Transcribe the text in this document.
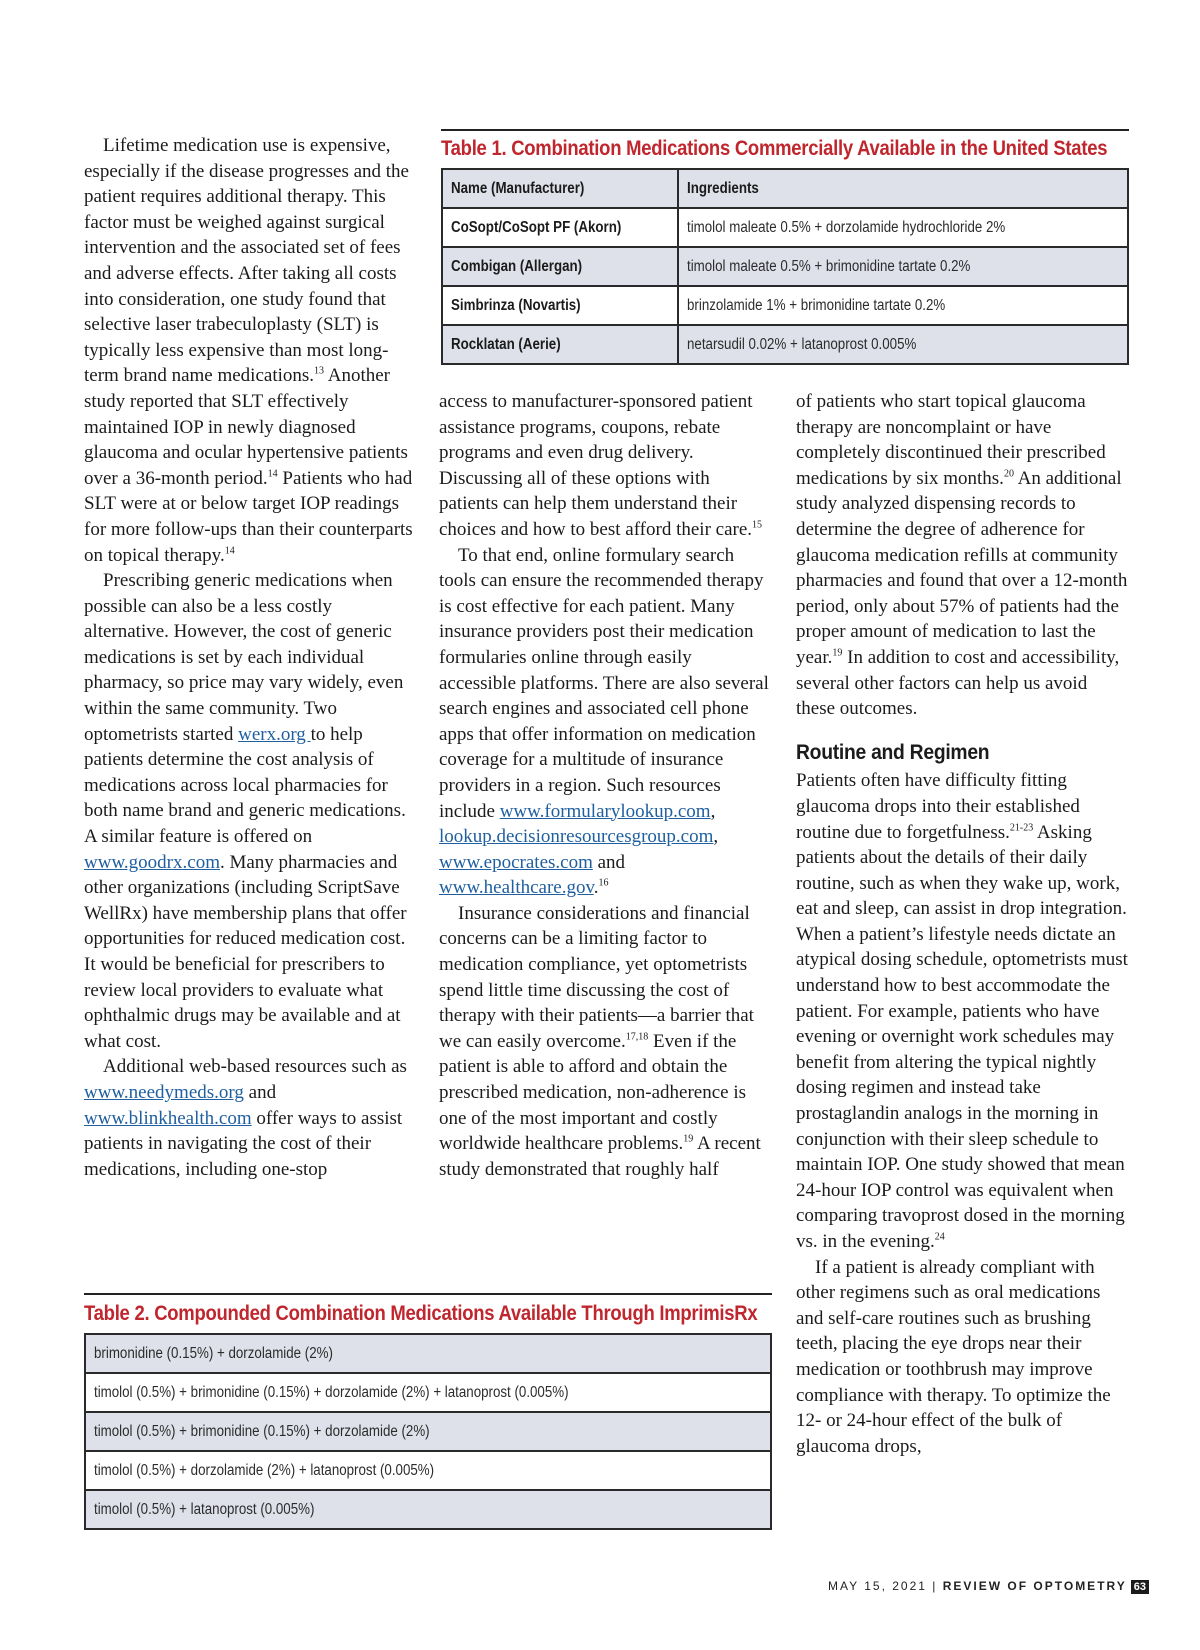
Lifetime medication use is expensive, especially if the disease progresses and the patient requires additional therapy. This factor must be weighed against surgical intervention and the associated set of fees and adverse effects. After taking all costs into consideration, one study found that selective laser trabeculoplasty (SLT) is typically less expensive than most long-term brand name medications.$^{13}$ Another study reported that SLT effectively maintained IOP in newly diagnosed glaucoma and ocular hypertensive patients over a 36-month period.$^{14}$ Patients who had SLT were at or below target IOP readings for more follow-ups than their counterparts on topical therapy.$^{14}$

Prescribing generic medications when possible can also be a less costly alternative. However, the cost of generic medications is set by each individual pharmacy, so price may vary widely, even within the same community. Two optometrists started werx.org to help patients determine the cost analysis of medications across local pharmacies for both name brand and generic medications. A similar feature is offered on www.goodrx.com. Many pharmacies and other organizations (including ScriptSave WellRx) have membership plans that offer opportunities for reduced medication cost. It would be beneficial for prescribers to review local providers to evaluate what ophthalmic drugs may be available and at what cost.

Additional web-based resources such as www.needymeds.org and www.blinkhealth.com offer ways to assist patients in navigating the cost of their medications, including one-stop

access to manufacturer-sponsored patient assistance programs, coupons, rebate programs and even drug delivery. Discussing all of these options with patients can help them understand their choices and how to best afford their care.$^{15}$

To that end, online formulary search tools can ensure the recommended therapy is cost effective for each patient. Many insurance providers post their medication formularies online through easily accessible platforms. There are also several search engines and associated cell phone apps that offer information on medication coverage for a multitude of insurance providers in a region. Such resources include www.formularylookup.com, lookup.decisionresourcesgroup.com, www.epocrates.com and www.healthcare.gov.$^{16}$

Insurance considerations and financial concerns can be a limiting factor to medication compliance, yet optometrists spend little time discussing the cost of therapy with their patients—a barrier that we can easily overcome.$^{17,18}$ Even if the patient is able to afford and obtain the prescribed medication, non-adherence is one of the most important and costly worldwide healthcare problems.$^{19}$ A recent study demonstrated that roughly half

of patients who start topical glaucoma therapy are noncomplaint or have completely discontinued their prescribed medications by six months.$^{20}$ An additional study analyzed dispensing records to determine the degree of adherence for glaucoma medication refills at community pharmacies and found that over a 12-month period, only about 57% of patients had the proper amount of medication to last the year.$^{19}$ In addition to cost and accessibility, several other factors can help us avoid these outcomes.

Routine and Regimen

Patients often have difficulty fitting glaucoma drops into their established routine due to forgetfulness.$^{21-23}$ Asking patients about the details of their daily routine, such as when they wake up, work, eat and sleep, can assist in drop integration. When a patient’s lifestyle needs dictate an atypical dosing schedule, optometrists must understand how to best accommodate the patient. For example, patients who have evening or overnight work schedules may benefit from altering the typical nightly dosing regimen and instead take prostaglandin analogs in the morning in conjunction with their sleep schedule to maintain IOP. One study showed that mean 24-hour IOP control was equivalent when comparing travoprost dosed in the morning vs. in the evening.$^{24}$

If a patient is already compliant with other regimens such as oral medications and self-care routines such as brushing teeth, placing the eye drops near their medication or toothbrush may improve compliance with therapy. To optimize the 12- or 24-hour effect of the bulk of glaucoma drops,

Table 1. Combination Medications Commercially Available in the United States
Name (Manufacturer)	Ingredients
CoSopt/CoSopt PF (Akorn)	timolol maleate 0.5% + dorzolamide hydrochloride 2%
Combigan (Allergan)	timolol maleate 0.5% + brimonidine tartate 0.2%
Simbrinza (Novartis)	brinzolamide 1% + brimonidine tartate 0.2%
Rocklatan (Aerie)	netarsudil 0.02% + latanoprost 0.005%
Table 2. Compounded Combination Medications Available Through ImprimisRx
brimonidine (0.15%) + dorzolamide (2%)
timolol (0.5%) + brimonidine (0.15%) + dorzolamide (2%) + latanoprost (0.005%)
timolol (0.5%) + brimonidine (0.15%) + dorzolamide (2%)
timolol (0.5%) + dorzolamide (2%) + latanoprost (0.005%)
timolol (0.5%) + latanoprost (0.005%)
MAY 15, 2021 | REVIEW OF OPTOMETRY 63
